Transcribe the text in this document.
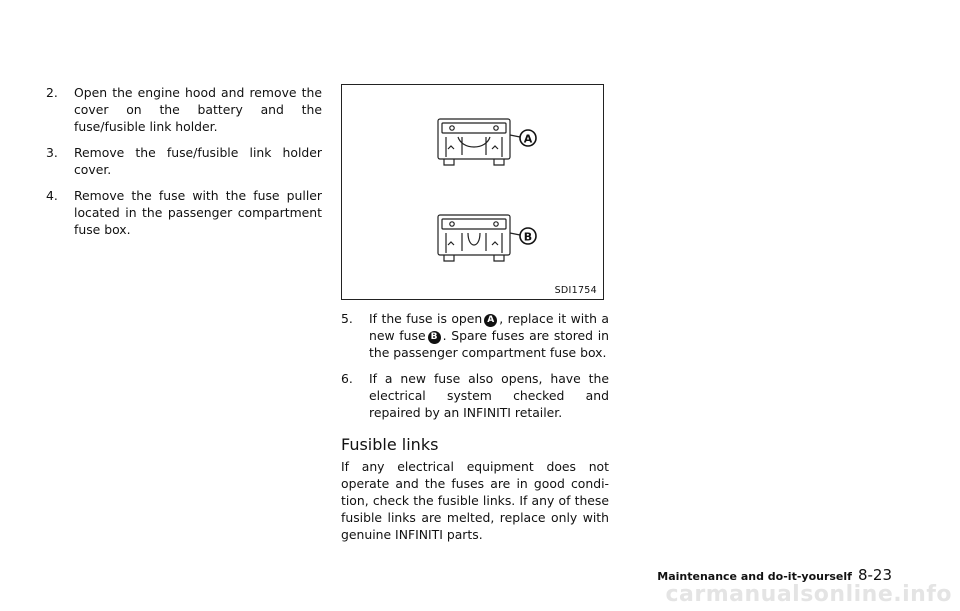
2.	Open the engine hood and remove the cover on the battery and the fuse/fusible link holder.
3.	Remove the fuse/fusible link holder cover.
4.	Remove the fuse with the fuse puller located in the passenger compartment fuse box.
A
B
SDI1754
5.	If the fuse is open A , replace it with a new fuse B . Spare fuses are stored in the passenger compartment fuse box.
6.	If a new fuse also opens, have the electrical system checked and repaired by an INFINITI retailer.
Fusible links

If any electrical equipment does not operate and the fuses are in good condi- tion, check the fusible links. If any of these fusible links are melted, replace only with genuine INFINITI parts.

Maintenance and do-it-yourself 8-23
carmanualsonline.info
